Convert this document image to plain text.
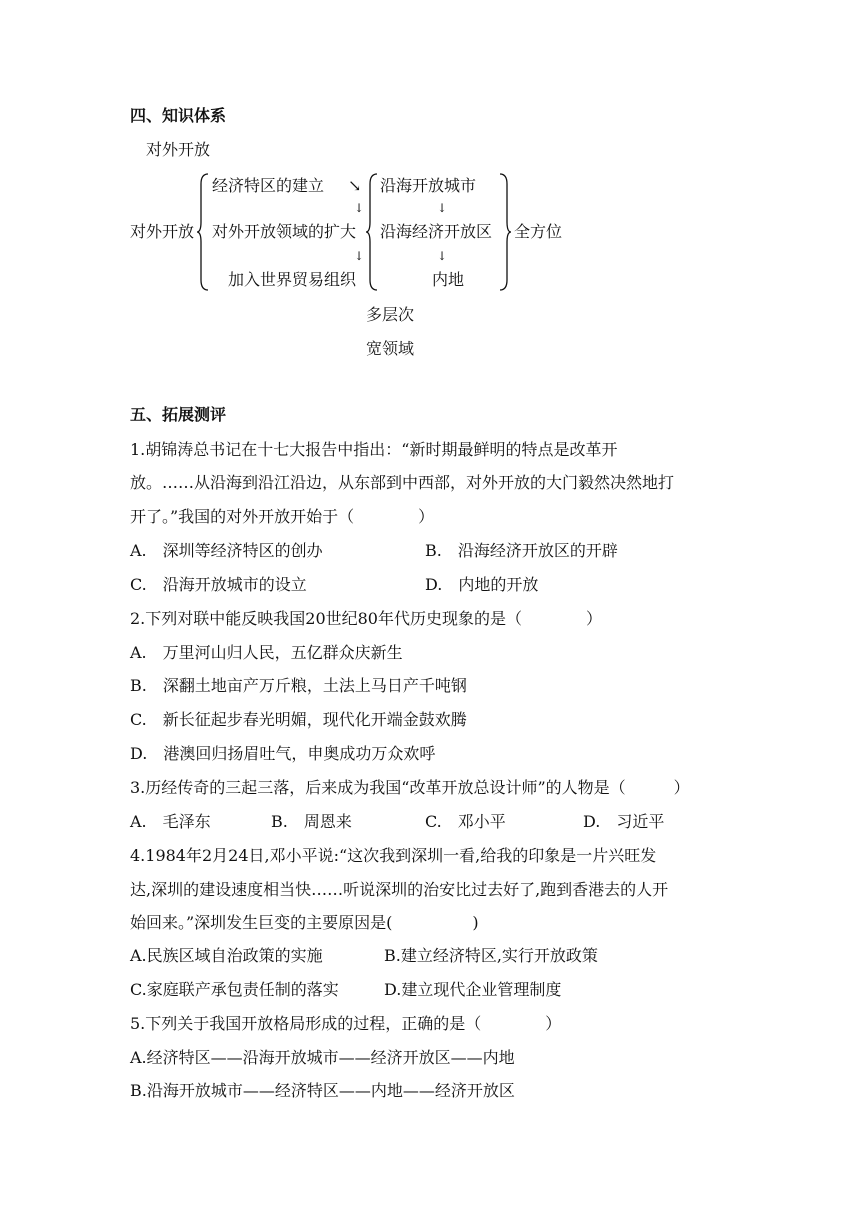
四、知识体系
对外开放
对外开放
经济特区的建立 ↘
↓
对外开放领域的扩大
↓
加入世界贸易组织
沿海开放城市
↓
沿海经济开放区
↓
内地
全方位
多层次
宽领域
五、拓展测评
1.胡锦涛总书记在十七大报告中指出：“新时期最鲜明的特点是改革开
放。……从沿海到沿江沿边，从东部到中西部，对外开放的大门毅然决然地打
开了。”我国的对外开放开始于（　　　　）
A.　深圳等经济特区的创办	B.　沿海经济开放区的开辟
C.　沿海开放城市的设立	D.　内地的开放
2.下列对联中能反映我国20世纪80年代历史现象的是（　　　　）
A.　万里河山归人民，五亿群众庆新生
B.　深翻土地亩产万斤粮，土法上马日产千吨钢
C.　新长征起步春光明媚，现代化开端金鼓欢腾
D.　港澳回归扬眉吐气，申奥成功万众欢呼
3.历经传奇的三起三落，后来成为我国“改革开放总设计师”的人物是（　　　）
A.　毛泽东	B.　周恩来	C.　邓小平	D.　习近平
4.1984年2月24日,邓小平说:“这次我到深圳一看,给我的印象是一片兴旺发
达,深圳的建设速度相当快……听说深圳的治安比过去好了,跑到香港去的人开
始回来。”深圳发生巨变的主要原因是(　　　　　)
A.民族区域自治政策的实施	B.建立经济特区,实行开放政策
C.家庭联产承包责任制的落实	D.建立现代企业管理制度
5.下列关于我国开放格局形成的过程，正确的是（　　　　）
A.经济特区——沿海开放城市——经济开放区——内地
B.沿海开放城市——经济特区——内地——经济开放区
